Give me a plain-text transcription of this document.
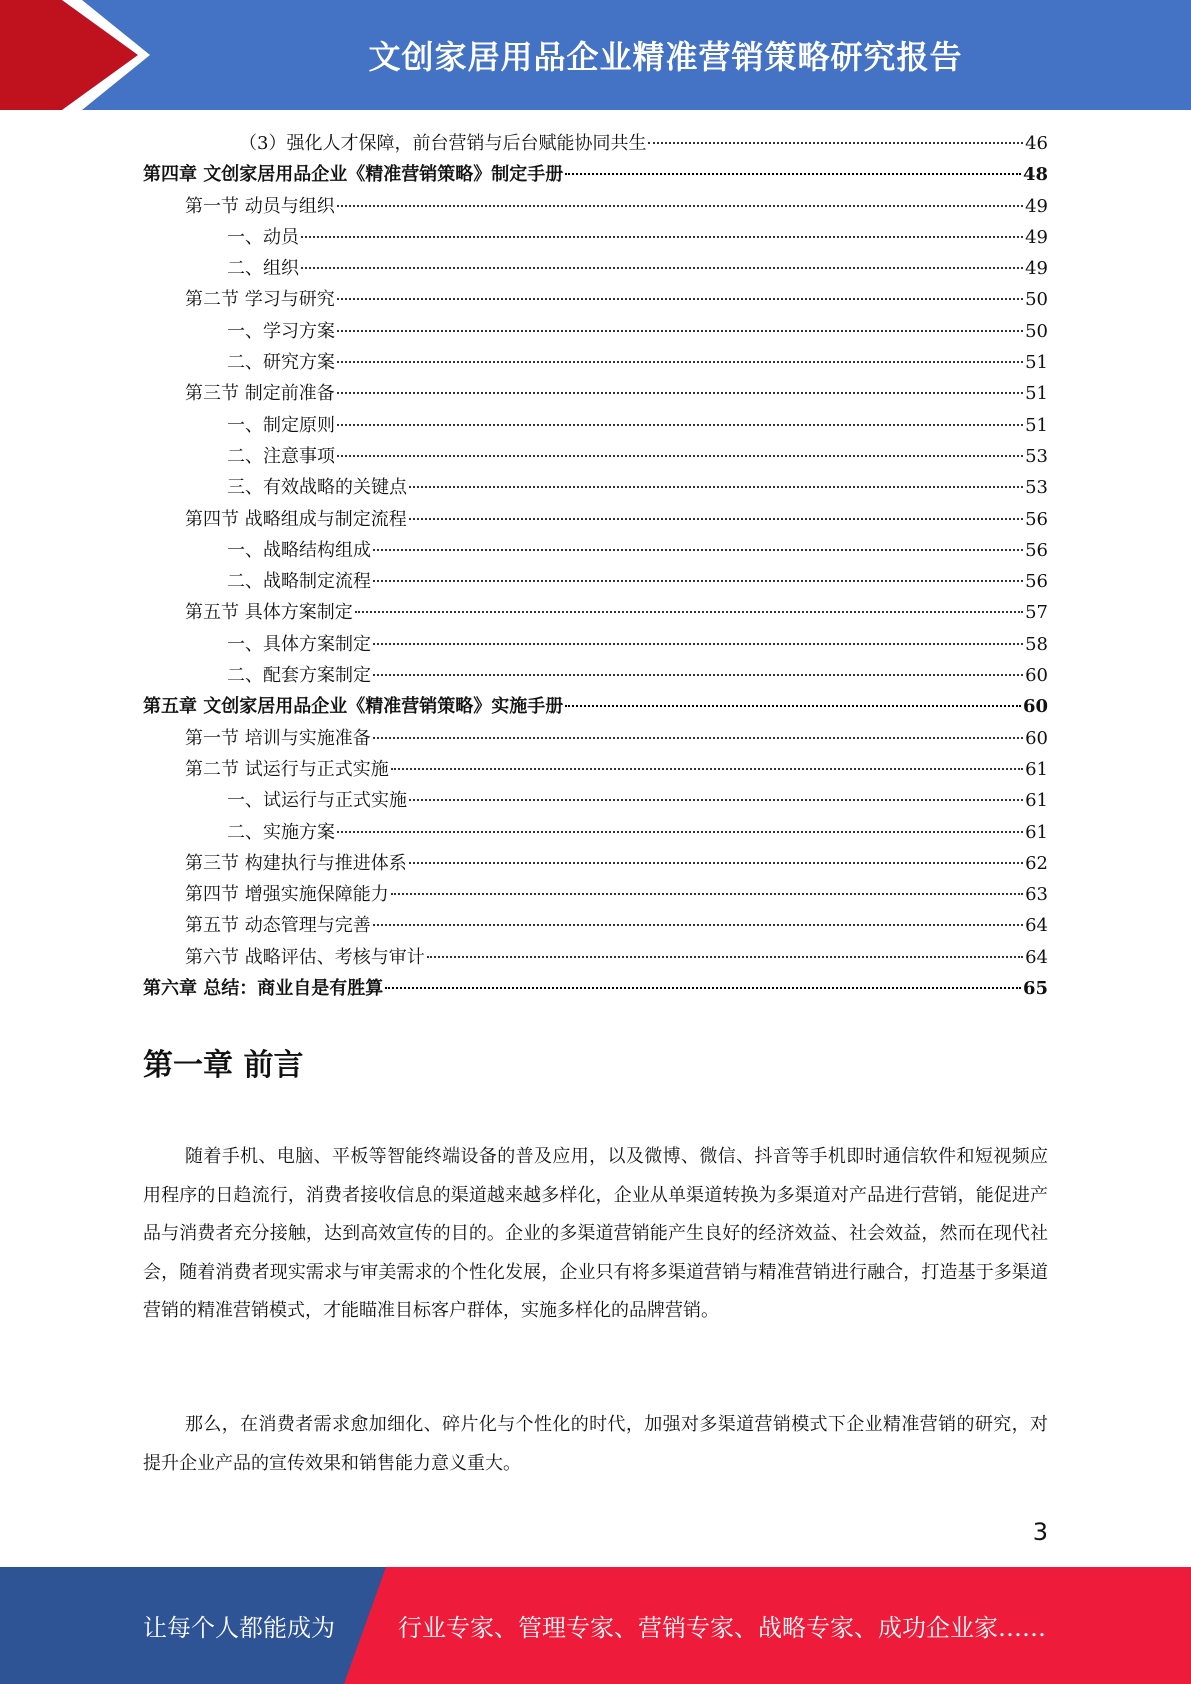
文创家居用品企业精准营销策略研究报告
（3）强化人才保障，前台营销与后台赋能协同共生	46
第四章 文创家居用品企业《精准营销策略》制定手册	48
第一节 动员与组织	49
一、动员	49
二、组织	49
第二节 学习与研究	50
一、学习方案	50
二、研究方案	51
第三节 制定前准备	51
一、制定原则	51
二、注意事项	53
三、有效战略的关键点	53
第四节 战略组成与制定流程	56
一、战略结构组成	56
二、战略制定流程	56
第五节 具体方案制定	57
一、具体方案制定	58
二、配套方案制定	60
第五章 文创家居用品企业《精准营销策略》实施手册	60
第一节 培训与实施准备	60
第二节 试运行与正式实施	61
一、试运行与正式实施	61
二、实施方案	61
第三节 构建执行与推进体系	62
第四节 增强实施保障能力	63
第五节 动态管理与完善	64
第六节 战略评估、考核与审计	64
第六章 总结：商业自是有胜算	65
第一章 前言

随着手机、电脑、平板等智能终端设备的普及应用，以及微博、微信、抖音等手机即时通信软件和短视频应用程序的日趋流行，消费者接收信息的渠道越来越多样化，企业从单渠道转换为多渠道对产品进行营销，能促进产品与消费者充分接触，达到高效宣传的目的。企业的多渠道营销能产生良好的经济效益、社会效益，然而在现代社会，随着消费者现实需求与审美需求的个性化发展，企业只有将多渠道营销与精准营销进行融合，打造基于多渠道营销的精准营销模式，才能瞄准目标客户群体，实施多样化的品牌营销。

那么，在消费者需求愈加细化、碎片化与个性化的时代，加强对多渠道营销模式下企业精准营销的研究，对提升企业产品的宣传效果和销售能力意义重大。

3
让每个人都能成为	行业专家、管理专家、营销专家、战略专家、成功企业家……
